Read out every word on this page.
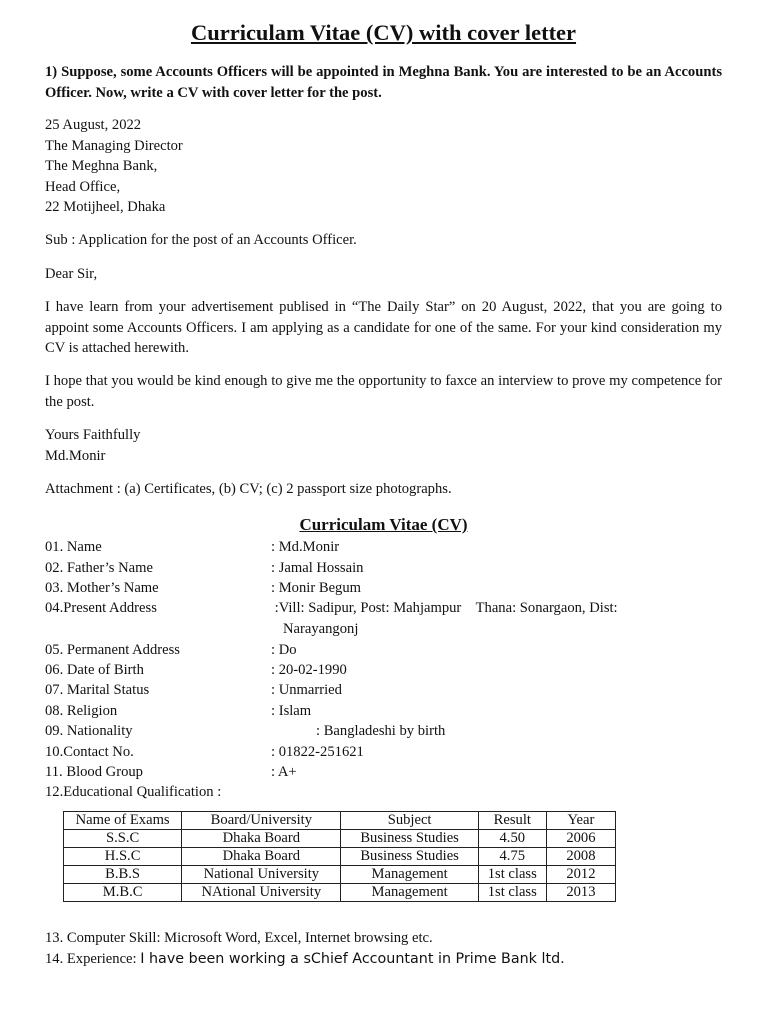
Curriculam Vitae (CV) with cover letter
1) Suppose, some Accounts Officers will be appointed in Meghna Bank. You are interested to be an Accounts Officer. Now, write a CV with cover letter for the post.
25 August, 2022
The Managing Director
The Meghna Bank,
Head Office,
22 Motijheel, Dhaka
Sub : Application for the post of an Accounts Officer.
Dear Sir,
I have learn from your advertisement publised in “The Daily Star” on 20 August, 2022, that you are going to appoint some Accounts Officers. I am applying as a candidate for one of the same. For your kind consideration my CV is attached herewith.
I hope that you would be kind enough to give me the opportunity to faxce an interview to prove my competence for the post.
Yours Faithfully
Md.Monir
Attachment : (a) Certificates, (b) CV; (c) 2 passport size photographs.
Curriculam Vitae (CV)
01. Name	: Md.Monir
02. Father’s Name	: Jamal Hossain
03. Mother’s Name	: Monir Begum
04.Present Address	:Vill: Sadipur, Post: Mahjampur    Thana: Sonargaon, Dist:
Narayangonj
05. Permanent Address	: Do
06. Date of Birth	: 20-02-1990
07. Marital Status	: Unmarried
08. Religion	: Islam
09. Nationality	: Bangladeshi by birth
10.Contact No.	: 01822-251621
11. Blood Group	: A+
12.Educational Qualification :
Name of Exams	Board/University	Subject	Result	Year
S.S.C	Dhaka Board	Business Studies	4.50	2006
H.S.C	Dhaka Board	Business Studies	4.75	2008
B.B.S	National University	Management	1st class	2012
M.B.C	NAtional University	Management	1st class	2013
13. Computer Skill: Microsoft Word, Excel, Internet browsing etc.
14. Experience: I have been working a sChief Accountant in Prime Bank ltd.
